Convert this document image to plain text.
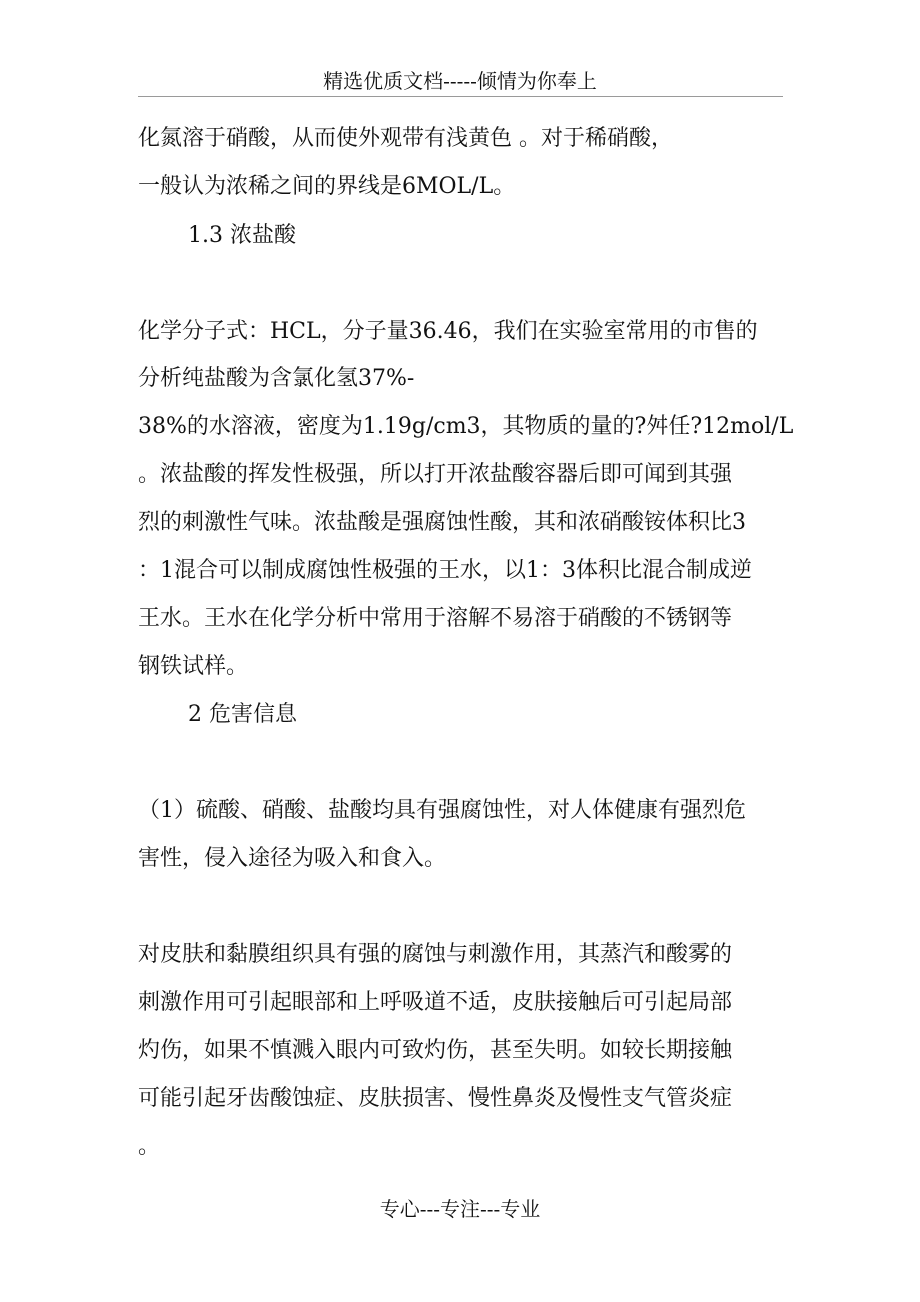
精选优质文档-----倾情为你奉上
化氮溶于硝酸，从而使外观带有浅黄色 。对于稀硝酸，
一般认为浓稀之间的界线是6MOL/L。
1.3 浓盐酸
化学分子式：HCL，分子量36.46，我们在实验室常用的市售的
分析纯盐酸为含氯化氢37%-
38%的水溶液，密度为1.19g/cm3，其物质的量的?舛任?12mol/L
。浓盐酸的挥发性极强，所以打开浓盐酸容器后即可闻到其强
烈的刺激性气味。浓盐酸是强腐蚀性酸，其和浓硝酸铵体积比3
：1混合可以制成腐蚀性极强的王水，以1：3体积比混合制成逆
王水。王水在化学分析中常用于溶解不易溶于硝酸的不锈钢等
钢铁试样。
2 危害信息
（1）硫酸、硝酸、盐酸均具有强腐蚀性，对人体健康有强烈危
害性，侵入途径为吸入和食入。
对皮肤和黏膜组织具有强的腐蚀与刺激作用，其蒸汽和酸雾的
刺激作用可引起眼部和上呼吸道不适，皮肤接触后可引起局部
灼伤，如果不慎溅入眼内可致灼伤，甚至失明。如较长期接触
可能引起牙齿酸蚀症、皮肤损害、慢性鼻炎及慢性支气管炎症
。
专心---专注---专业
